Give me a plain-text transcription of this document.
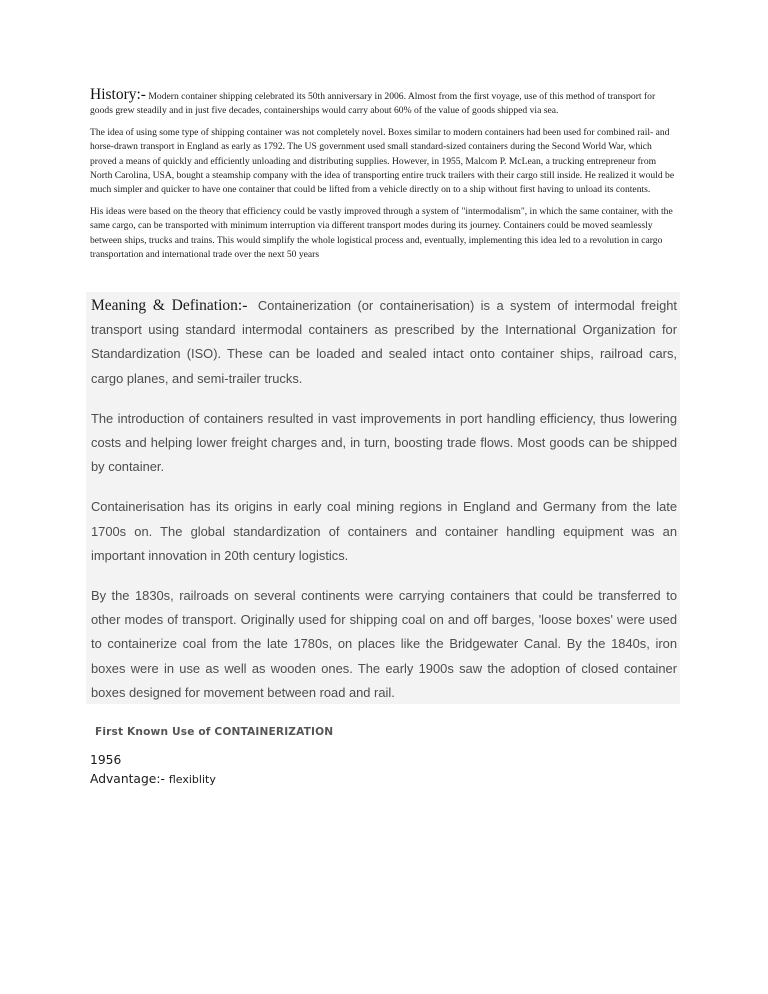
History:- Modern container shipping celebrated its 50th anniversary in 2006. Almost from the first voyage, use of this method of transport for goods grew steadily and in just five decades, containerships would carry about 60% of the value of goods shipped via sea.

The idea of using some type of shipping container was not completely novel. Boxes similar to modern containers had been used for combined rail- and horse-drawn transport in England as early as 1792. The US government used small standard-sized containers during the Second World War, which proved a means of quickly and efficiently unloading and distributing supplies. However, in 1955, Malcom P. McLean, a trucking entrepreneur from North Carolina, USA, bought a steamship company with the idea of transporting entire truck trailers with their cargo still inside. He realized it would be much simpler and quicker to have one container that could be lifted from a vehicle directly on to a ship without first having to unload its contents.

His ideas were based on the theory that efficiency could be vastly improved through a system of "intermodalism", in which the same container, with the same cargo, can be transported with minimum interruption via different transport modes during its journey. Containers could be moved seamlessly between ships, trucks and trains. This would simplify the whole logistical process and, eventually, implementing this idea led to a revolution in cargo transportation and international trade over the next 50 years

Meaning & Defination:- Containerization (or containerisation) is a system of intermodal freight transport using standard intermodal containers as prescribed by the International Organization for Standardization (ISO). These can be loaded and sealed intact onto container ships, railroad cars, cargo planes, and semi-trailer trucks.

The introduction of containers resulted in vast improvements in port handling efficiency, thus lowering costs and helping lower freight charges and, in turn, boosting trade flows. Most goods can be shipped by container.

Containerisation has its origins in early coal mining regions in England and Germany from the late 1700s on. The global standardization of containers and container handling equipment was an important innovation in 20th century logistics.

By the 1830s, railroads on several continents were carrying containers that could be transferred to other modes of transport. Originally used for shipping coal on and off barges, 'loose boxes' were used to containerize coal from the late 1780s, on places like the Bridgewater Canal. By the 1840s, iron boxes were in use as well as wooden ones. The early 1900s saw the adoption of closed container boxes designed for movement between road and rail.

First Known Use of CONTAINERIZATION
1956
Advantage:- flexiblity
